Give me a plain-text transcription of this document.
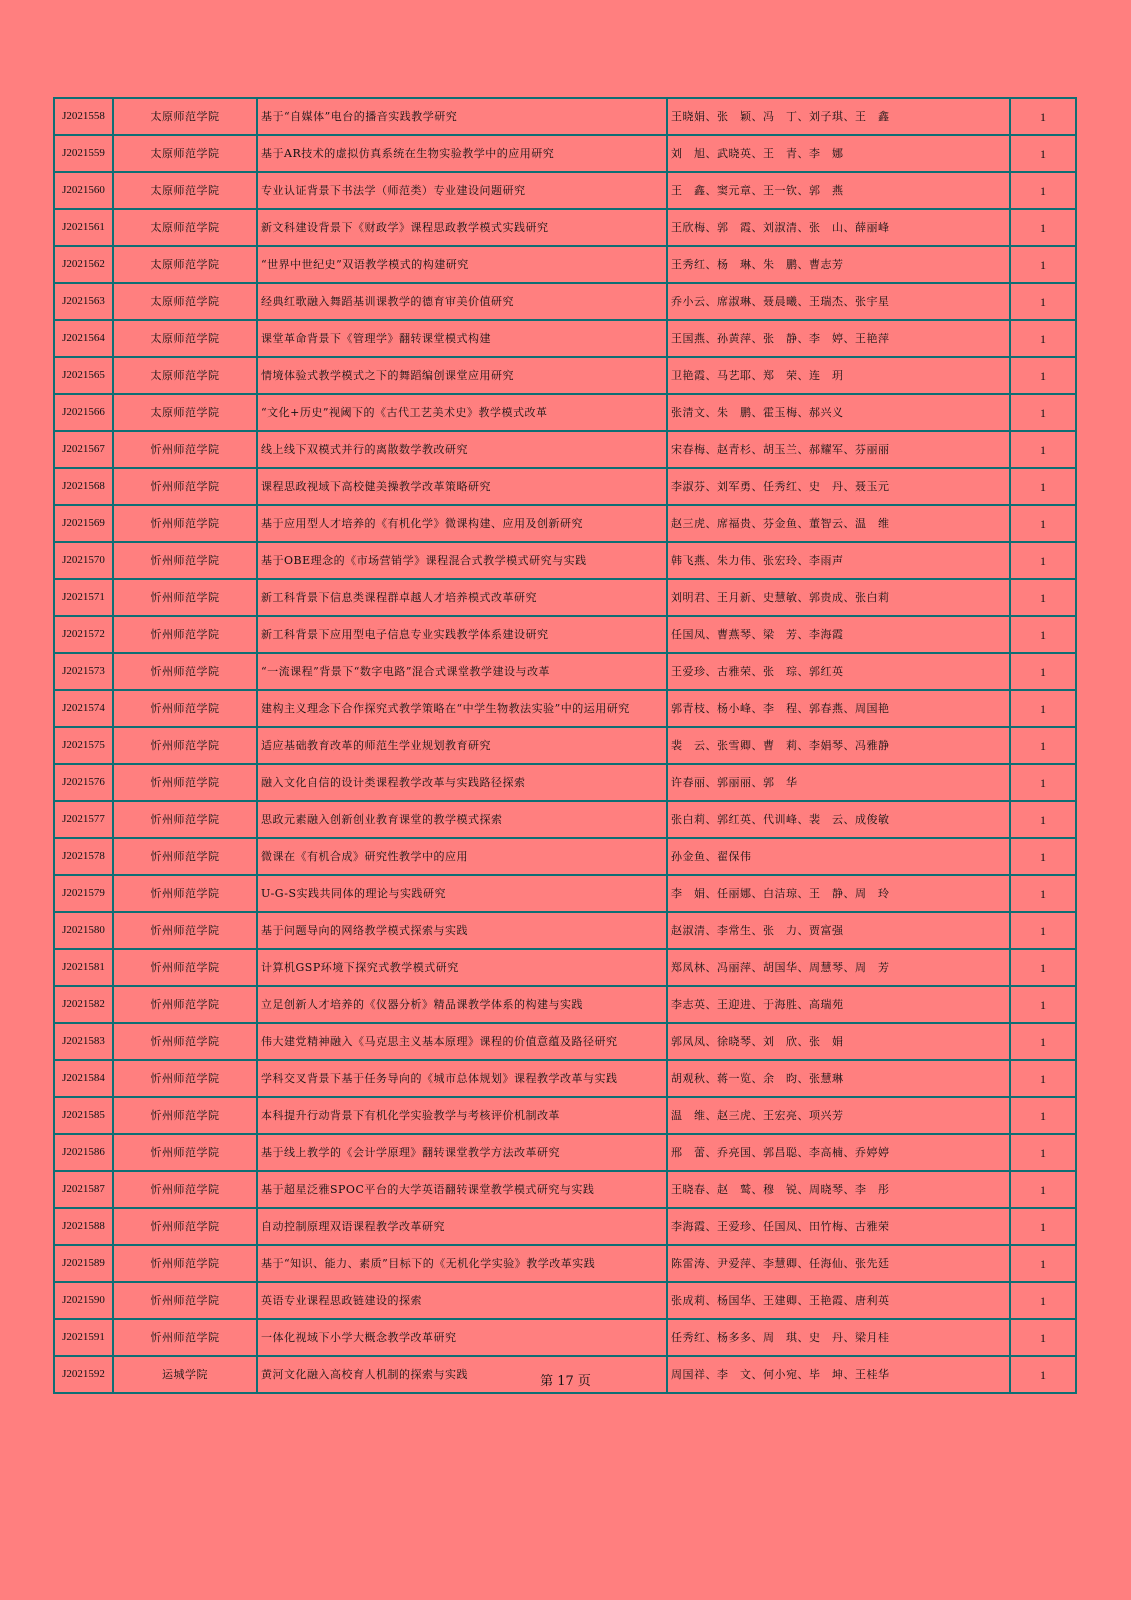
J2021558	太原师范学院	基于“自媒体”电台的播音实践教学研究	王晓娟、张　颖、冯　丁、刘子琪、王　鑫	1
J2021559	太原师范学院	基于AR技术的虚拟仿真系统在生物实验教学中的应用研究	刘　旭、武晓英、王　青、李　娜	1
J2021560	太原师范学院	专业认证背景下书法学（师范类）专业建设问题研究	王　鑫、窦元章、王一钦、郭　燕	1
J2021561	太原师范学院	新文科建设背景下《财政学》课程思政教学模式实践研究	王欣梅、郭　霞、刘淑清、张　山、薛丽峰	1
J2021562	太原师范学院	“世界中世纪史”双语教学模式的构建研究	王秀红、杨　琳、朱　鹏、曹志芳	1
J2021563	太原师范学院	经典红歌融入舞蹈基训课教学的德育审美价值研究	乔小云、席淑琳、聂晨曦、王瑞杰、张宇星	1
J2021564	太原师范学院	课堂革命背景下《管理学》翻转课堂模式构建	王国燕、孙黄萍、张　静、李　婷、王艳萍	1
J2021565	太原师范学院	情境体验式教学模式之下的舞蹈编创课堂应用研究	卫艳霞、马艺耶、郑　荣、连　玥	1
J2021566	太原师范学院	“文化+历史”视阈下的《古代工艺美术史》教学模式改革	张清文、朱　鹏、霍玉梅、郝兴义	1
J2021567	忻州师范学院	线上线下双模式并行的离散数学教改研究	宋春梅、赵青杉、胡玉兰、郝耀军、芬丽丽	1
J2021568	忻州师范学院	课程思政视域下高校健美操教学改革策略研究	李淑芬、刘军勇、任秀红、史　丹、聂玉元	1
J2021569	忻州师范学院	基于应用型人才培养的《有机化学》微课构建、应用及创新研究	赵三虎、席福贵、芬金鱼、董智云、温　维	1
J2021570	忻州师范学院	基于OBE理念的《市场营销学》课程混合式教学模式研究与实践	韩飞燕、朱力伟、张宏玲、李雨声	1
J2021571	忻州师范学院	新工科背景下信息类课程群卓越人才培养模式改革研究	刘明君、王月新、史慧敏、郭贵成、张白莉	1
J2021572	忻州师范学院	新工科背景下应用型电子信息专业实践教学体系建设研究	任国凤、曹燕琴、梁　芳、李海霞	1
J2021573	忻州师范学院	“一流课程”背景下“数字电路”混合式课堂教学建设与改革	王爱珍、古雅荣、张　琮、郭红英	1
J2021574	忻州师范学院	建构主义理念下合作探究式教学策略在“中学生物教法实验”中的运用研究	郭青枝、杨小峰、李　程、郭春燕、周国艳	1
J2021575	忻州师范学院	适应基础教育改革的师范生学业规划教育研究	裴　云、张雪卿、曹　莉、李娟琴、冯雅静	1
J2021576	忻州师范学院	融入文化自信的设计类课程教学改革与实践路径探索	许春丽、郭丽丽、郭　华	1
J2021577	忻州师范学院	思政元素融入创新创业教育课堂的教学模式探索	张白莉、郭红英、代训峰、裴　云、成俊敏	1
J2021578	忻州师范学院	微课在《有机合成》研究性教学中的应用	孙金鱼、翟保伟	1
J2021579	忻州师范学院	U-G-S实践共同体的理论与实践研究	李　娟、任丽娜、白洁琼、王　静、周　玲	1
J2021580	忻州师范学院	基于问题导向的网络教学模式探索与实践	赵淑清、李常生、张　力、贾富强	1
J2021581	忻州师范学院	计算机GSP环境下探究式教学模式研究	郑凤林、冯丽萍、胡国华、周慧琴、周　芳	1
J2021582	忻州师范学院	立足创新人才培养的《仪器分析》精品课教学体系的构建与实践	李志英、王迎进、于海胜、高瑞苑	1
J2021583	忻州师范学院	伟大建党精神融入《马克思主义基本原理》课程的价值意蕴及路径研究	郭凤凤、徐晓琴、刘　欣、张　娟	1
J2021584	忻州师范学院	学科交叉背景下基于任务导向的《城市总体规划》课程教学改革与实践	胡观秋、蒋一览、余　昀、张慧琳	1
J2021585	忻州师范学院	本科提升行动背景下有机化学实验教学与考核评价机制改革	温　维、赵三虎、王宏亮、项兴芳	1
J2021586	忻州师范学院	基于线上教学的《会计学原理》翻转课堂教学方法改革研究	邢　蕾、乔亮国、郭昌聪、李高楠、乔婷婷	1
J2021587	忻州师范学院	基于超星泛雅SPOC平台的大学英语翻转课堂教学模式研究与实践	王晓春、赵　鹫、穆　锐、周晓琴、李　彤	1
J2021588	忻州师范学院	自动控制原理双语课程教学改革研究	李海霞、王爱珍、任国凤、田竹梅、古雅荣	1
J2021589	忻州师范学院	基于“知识、能力、素质”目标下的《无机化学实验》教学改革实践	陈雷涛、尹爱萍、李慧卿、任海仙、张先廷	1
J2021590	忻州师范学院	英语专业课程思政链建设的探索	张成莉、杨国华、王建卿、王艳霞、唐利英	1
J2021591	忻州师范学院	一体化视域下小学大概念教学改革研究	任秀红、杨多多、周　琪、史　丹、梁月桂	1
J2021592	运城学院	黄河文化融入高校育人机制的探索与实践	周国祥、李　文、何小宛、毕　坤、王桂华	1
第 17 页
